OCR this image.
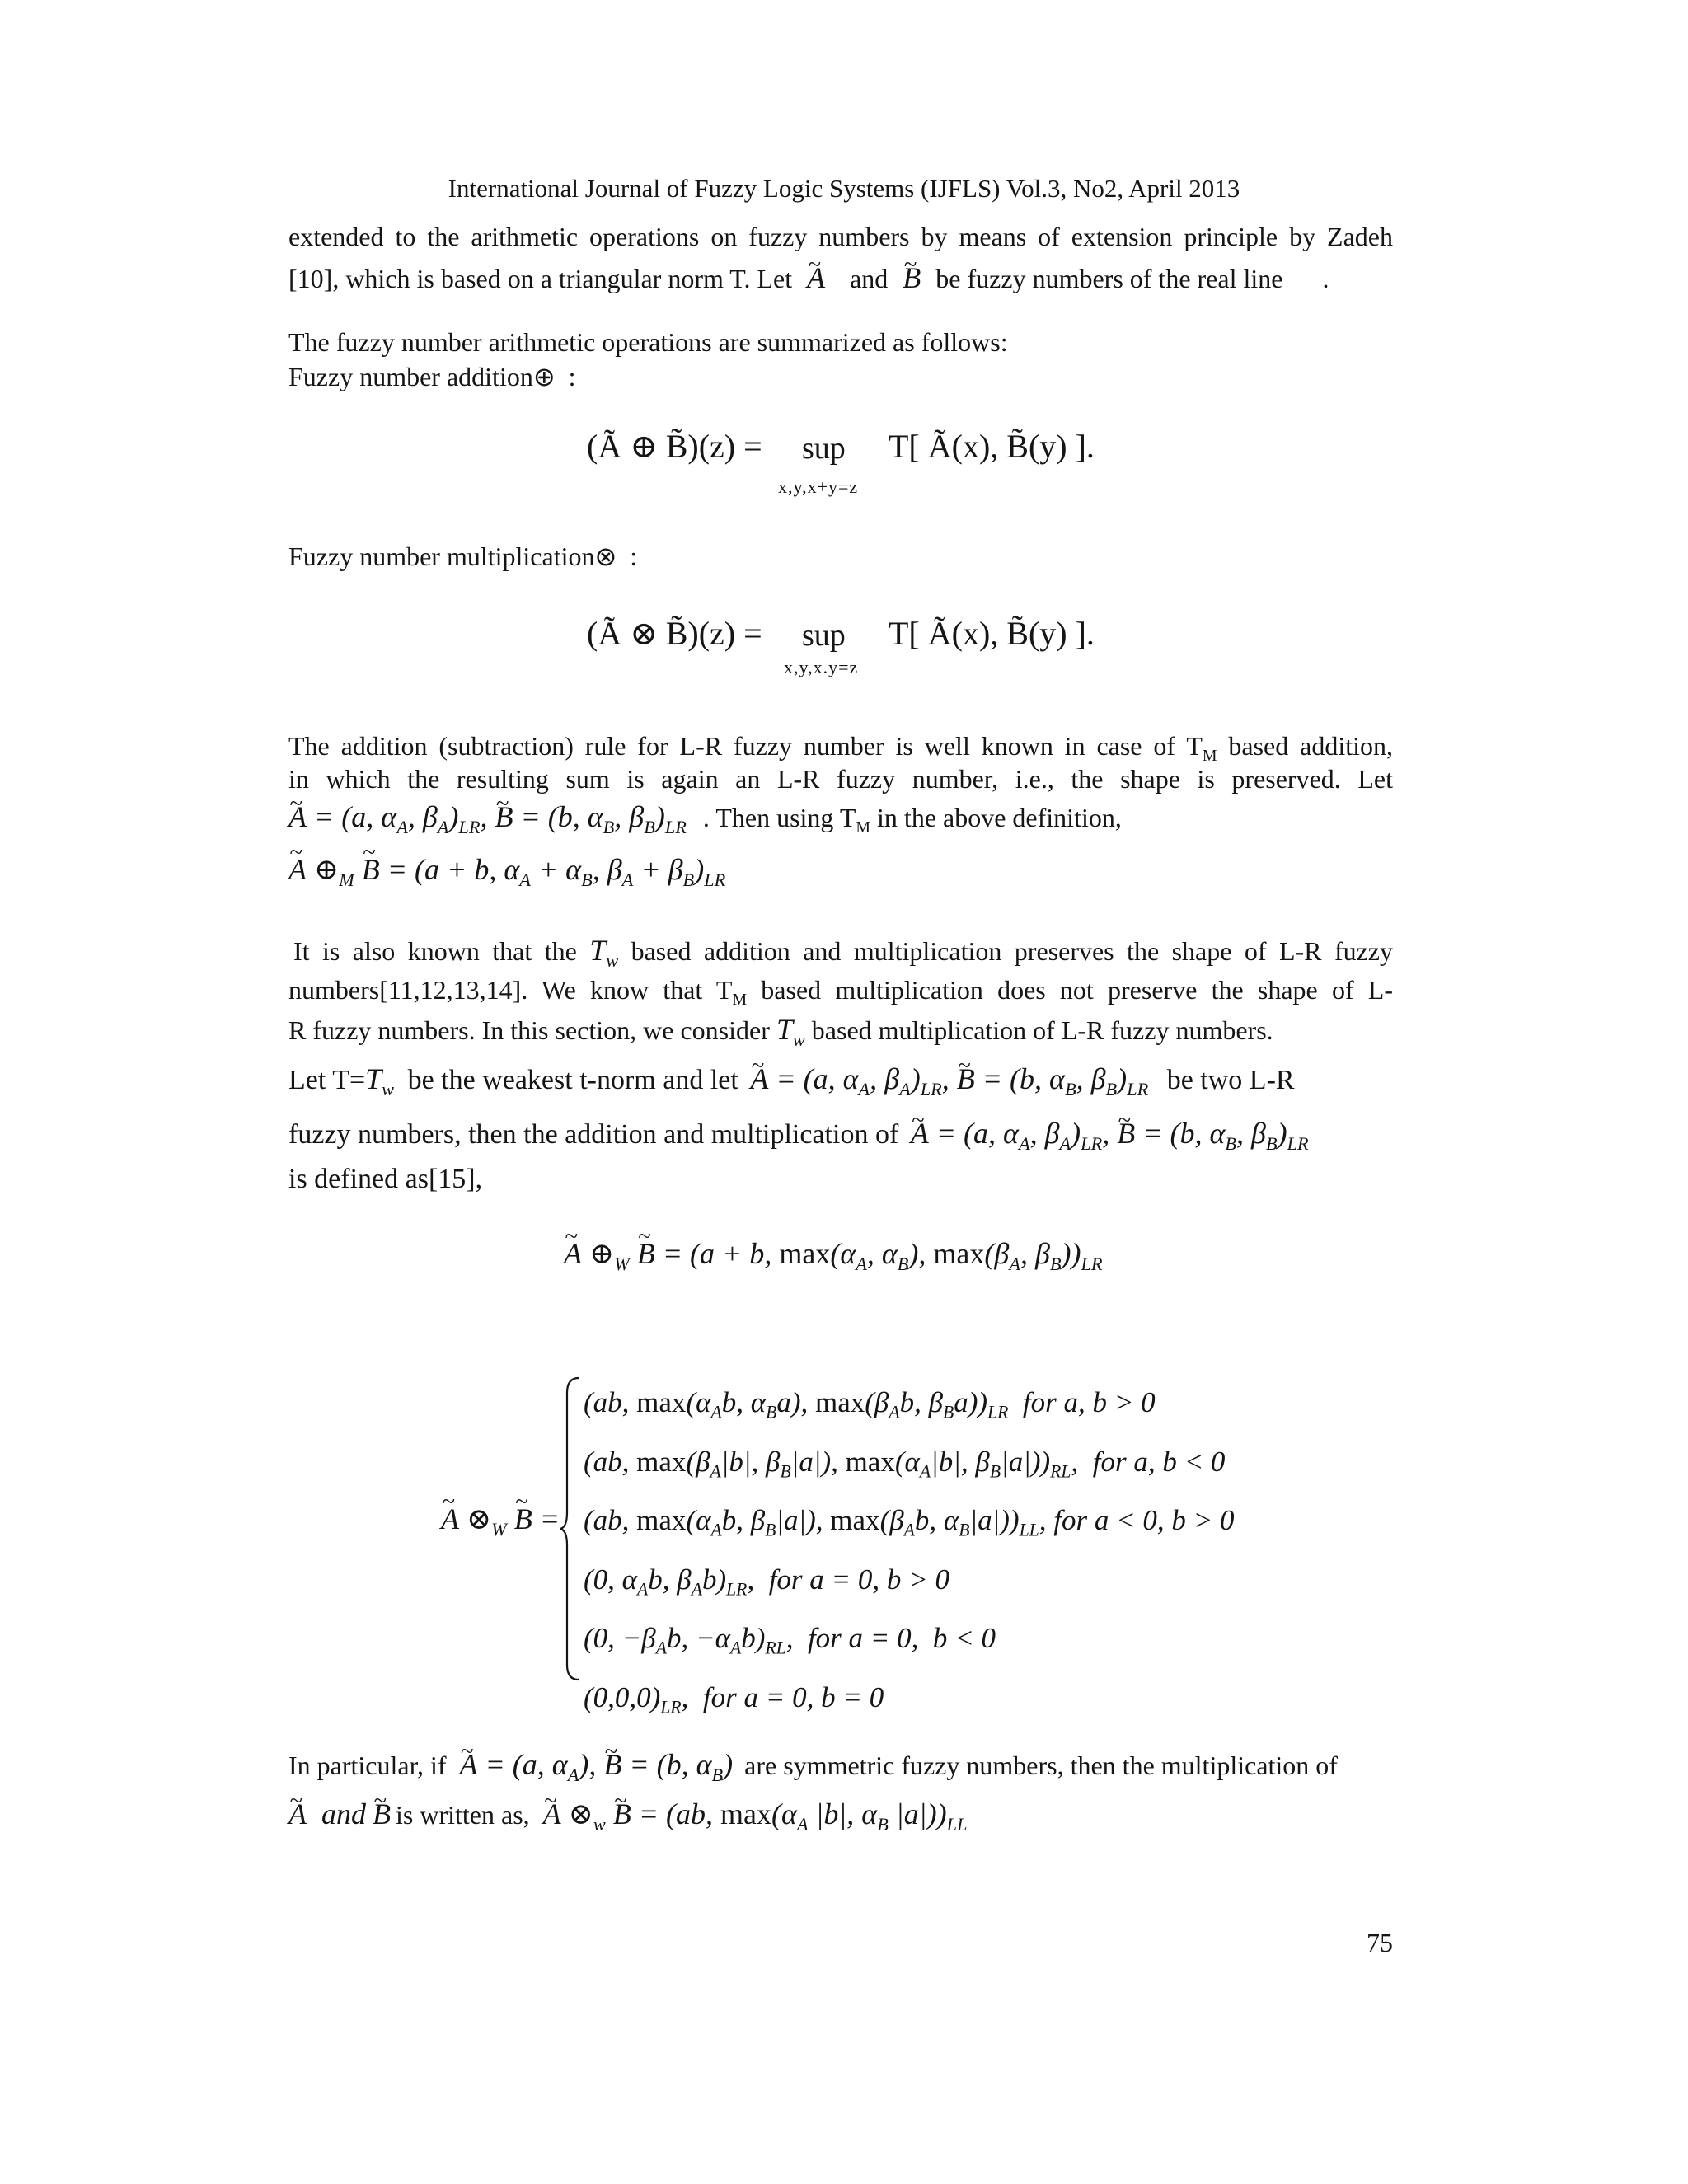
International Journal of Fuzzy Logic Systems (IJFLS) Vol.3, No2, April 2013
extended to the arithmetic operations on fuzzy numbers by means of extension principle by Zadeh
[10], which is based on a triangular norm T. Let ~ A and ~ B be fuzzy numbers of the real line .
The fuzzy number arithmetic operations are summarized as follows:
Fuzzy number addition⊕ :
(Ã ⊕ B̃)(z) = sup
x,y,x+y=z
T[ Ã(x), B̃(y) ].
Fuzzy number multiplication⊗ :
(Ã ⊗ B̃)(z) = sup
x,y,x.y=z
T[ Ã(x), B̃(y) ].
The addition (subtraction) rule for L-R fuzzy number is well known in case of $T_M$ based addition,
in which the resulting sum is again an L-R fuzzy number, i.e., the shape is preserved. Let
~ A = (a, $\alpha_A$, $\beta_A)_{LR}$, ~ B = (b, $\alpha_B$, $\beta_B)_{LR}$ . Then using $T_M$ in the above definition,
~ A $\oplus_M$ ~ B = (a + b, $\alpha_A + \alpha_B$, $\beta_A + \beta_B)_{LR}$
It is also known that the $T_w$ based addition and multiplication preserves the shape of L-R fuzzy
numbers[11,12,13,14]. We know that $T_M$ based multiplication does not preserve the shape of L-
R fuzzy numbers. In this section, we consider $T_w$ based multiplication of L-R fuzzy numbers.
Let $T=T_w$ be the weakest t-norm and let ~ A = (a, $\alpha_A$, $\beta_A)_{LR}$, ~ B = (b, $\alpha_B$, $\beta_B)_{LR}$ be two L-R
fuzzy numbers, then the addition and multiplication of ~ A = (a, $\alpha_A$, $\beta_A)_{LR}$, ~ B = (b, $\alpha_B$, $\beta_B)_{LR}$
is defined as[15],
~ A $\oplus_W$ ~ B = (a + b, $\max(\alpha_A$, $\alpha_B$), $\max(\beta_A$, $\beta_B))_{LR}$
~ A $\otimes_W$ ~ B =
(ab, $\max(\alpha_Ab$, $\alpha_Ba$), $\max(\beta_Ab$, $\beta_Ba))_{LR}$  for a, b > 0
(ab, $\max(\beta_A|b|$, $\beta_B|a|$), $\max(\alpha_A|b|$, $\beta_B|a|))_{RL}$,  for a, b < 0
(ab, $\max(\alpha_Ab$, $\beta_B|a|$), $\max(\beta_Ab$, $\alpha_B|a|))_{LL}$, for a < 0, b > 0
(0, $\alpha_Ab$, $\beta_Ab)_{LR}$,  for a = 0, b > 0
(0, $-\beta_Ab$, $-\alpha_Ab)_{RL}$,  for a = 0,  b < 0
$(0,0,0)_{LR}$,  for a = 0, b = 0
In particular, if ~ A = (a, $\alpha_A$), ~ B = (b, $\alpha_B$) are symmetric fuzzy numbers, then the multiplication of
~ A and ~ B is written as, ~ A $\otimes_w$ ~ B = (ab, $\max(\alpha_A$ |b|, $\alpha_B$ $|a|))_{LL}$
75
